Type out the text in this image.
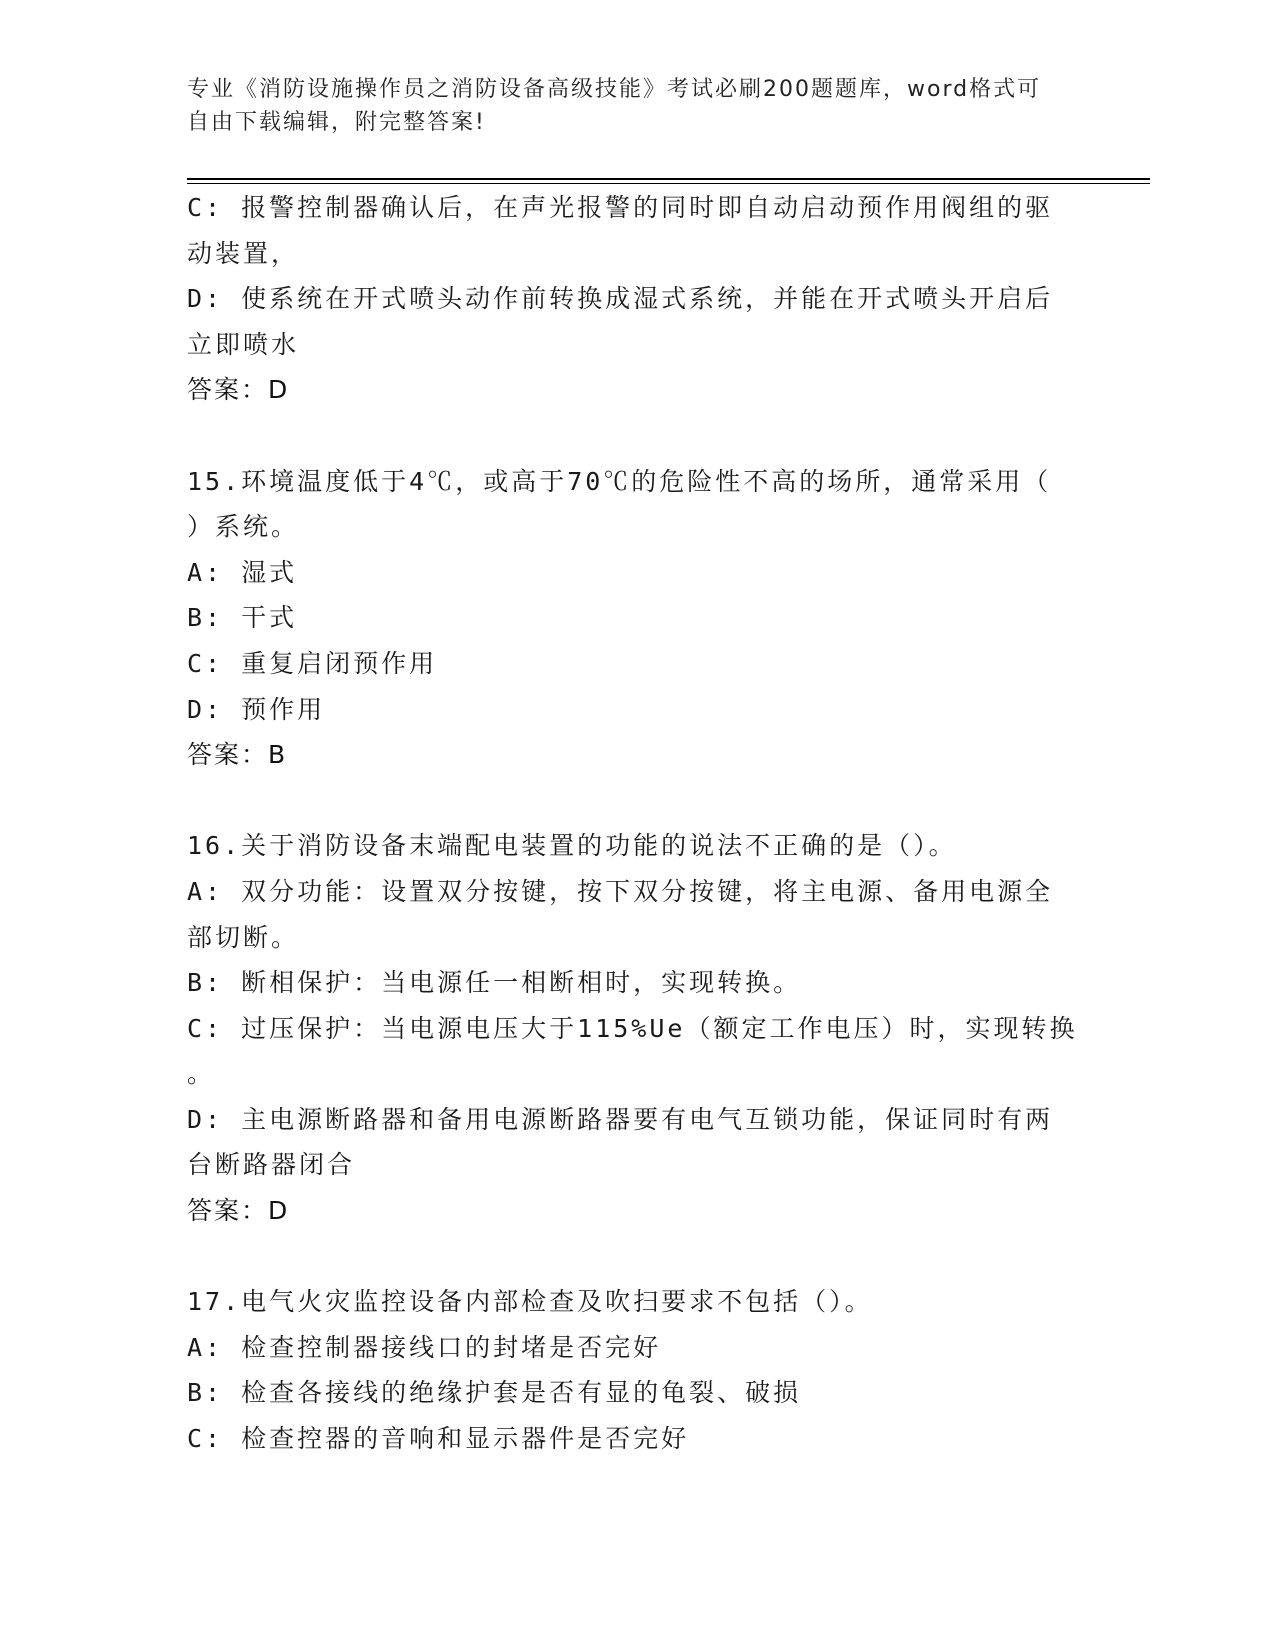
专业《消防设施操作员之消防设备高级技能》考试必刷200题题库，word格式可
自由下载编辑，附完整答案!
C: 报警控制器确认后，在声光报警的同时即自动启动预作用阀组的驱
动装置，
D: 使系统在开式喷头动作前转换成湿式系统，并能在开式喷头开启后
立即喷水
答案：D
15.环境温度低于4℃，或高于70℃的危险性不高的场所，通常采用（
）系统。
A: 湿式
B: 干式
C: 重复启闭预作用
D: 预作用
答案：B
16.关于消防设备末端配电装置的功能的说法不正确的是（）。
A: 双分功能：设置双分按键，按下双分按键，将主电源、备用电源全
部切断。
B: 断相保护：当电源任一相断相时，实现转换。
C: 过压保护：当电源电压大于115%Ue（额定工作电压）时，实现转换
。
D: 主电源断路器和备用电源断路器要有电气互锁功能，保证同时有两
台断路器闭合
答案：D
17.电气火灾监控设备内部检查及吹扫要求不包括（）。
A: 检查控制器接线口的封堵是否完好
B: 检查各接线的绝缘护套是否有显的龟裂、破损
C: 检查控器的音响和显示器件是否完好
